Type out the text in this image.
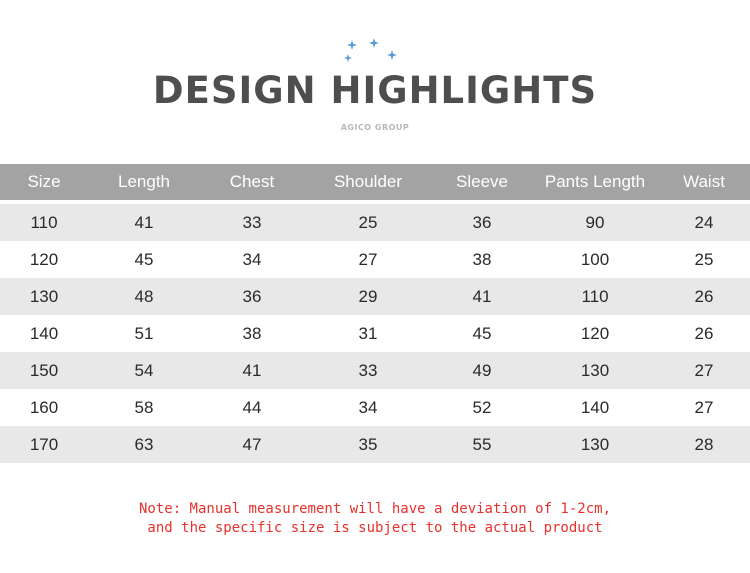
DESIGN HIGHLIGHTS
AGICO GROUP
Size	Length	Chest	Shoulder	Sleeve	Pants Length	Waist

110	41	33	25	36	90	24
120	45	34	27	38	100	25
130	48	36	29	41	110	26
140	51	38	31	45	120	26
150	54	41	33	49	130	27
160	58	44	34	52	140	27
170	63	47	35	55	130	28
Note: Manual measurement will have a deviation of 1-2cm,
and the specific size is subject to the actual product
